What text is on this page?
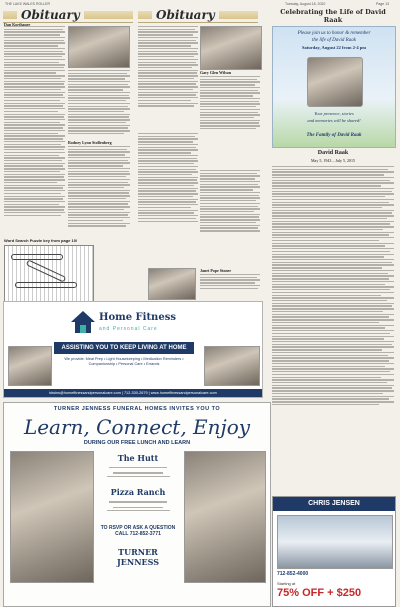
THE LAKE WALES ROLLER	Tuesday, August 18, 2020	Page 13
Obituary	Obituary	Celebrating the Life of David Raak
Dan Korthauer
Rodney Lynn Stollenberg
Word Search Puzzle key from page 10!
Home Fitness
and Personal Care
ASSISTING YOU TO KEEP LIVING AT HOME
We provide: Meal Prep • Light Housekeeping • Medication Reminders • Companionship • Personal Care • Errands
tdwins@homefitnessandpersonalcare.com | 712-330-2679 | www.homefitnessandpersonalcare.com
Gary Glen Wilson
Janet Pope Stoner
Please join us to honor & remember
the life of David Raak
Saturday, August 22 from 2-4 pm
Your presence, stories
and memories will be shared!
The Family of David Raak
David Raak
May 5, 1943 – July 5, 2015
CHRIS JENSEN
712-852-4000
Starting at
75% OFF + $250
TURNER JENNESS FUNERAL HOMES INVITES YOU TO
Learn, Connect, Enjoy
DURING OUR FREE LUNCH AND LEARN
The Hutt
Pizza Ranch
TO RSVP OR ASK A QUESTION CALL 712-852-3771
TURNER JENNESS
